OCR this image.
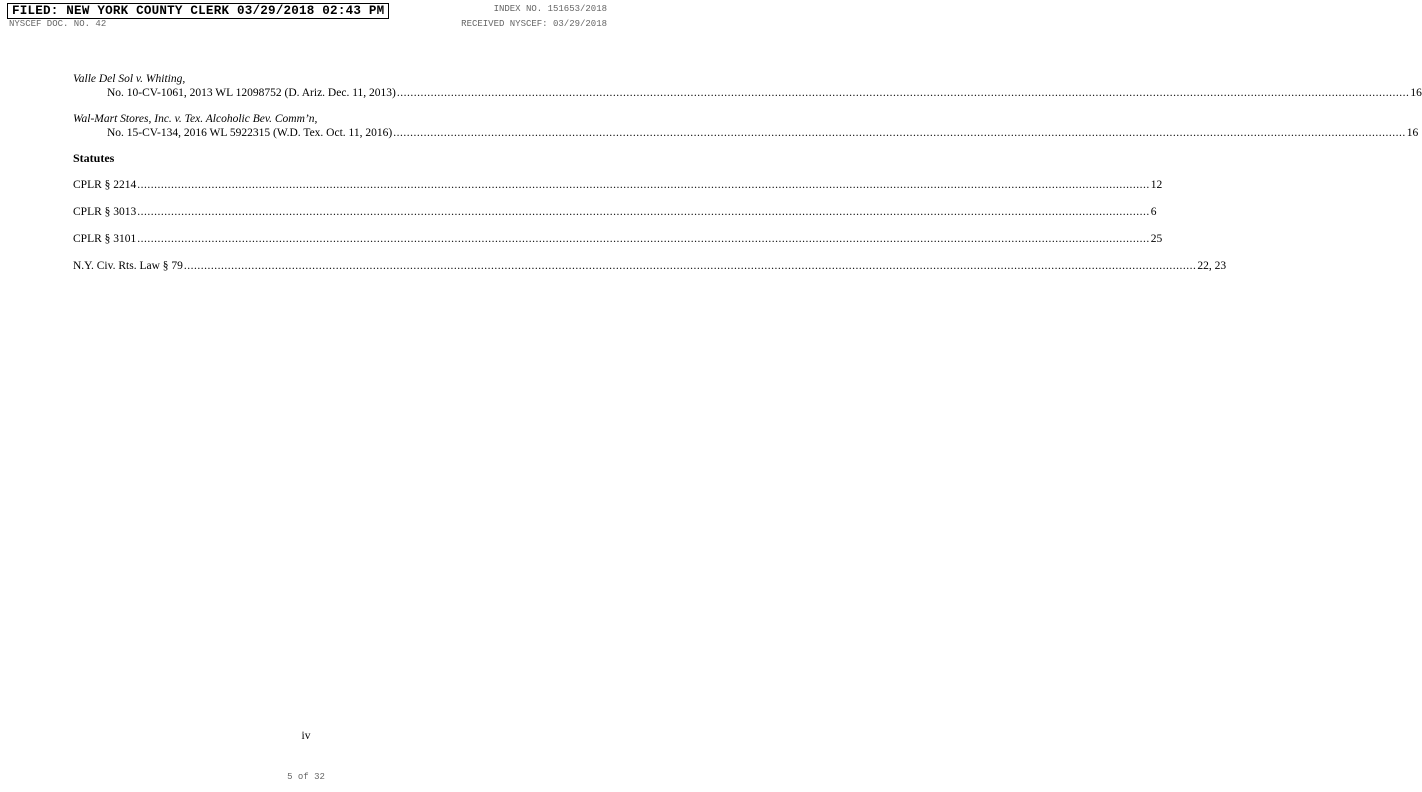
FILED: NEW YORK COUNTY CLERK 03/29/2018 02:43 PM	INDEX NO. 151653/2018
NYSCEF DOC. NO. 42	RECEIVED NYSCEF: 03/29/2018
Valle Del Sol v. Whiting,
No. 10-CV-1061, 2013 WL 12098752 (D. Ariz. Dec. 11, 2013) ............................................................................................................................................................................................................................................................................................................ 16
Wal-Mart Stores, Inc. v. Tex. Alcoholic Bev. Comm’n,
No. 15-CV-134, 2016 WL 5922315 (W.D. Tex. Oct. 11, 2016) ............................................................................................................................................................................................................................................................................................................ 16
Statutes
CPLR § 2214 ............................................................................................................................................................................................................................................................................................................ 12
CPLR § 3013 ............................................................................................................................................................................................................................................................................................................ 6
CPLR § 3101 ............................................................................................................................................................................................................................................................................................................ 25
N.Y. Civ. Rts. Law § 79 ............................................................................................................................................................................................................................................................................................................ 22, 23
iv
5 of 32
